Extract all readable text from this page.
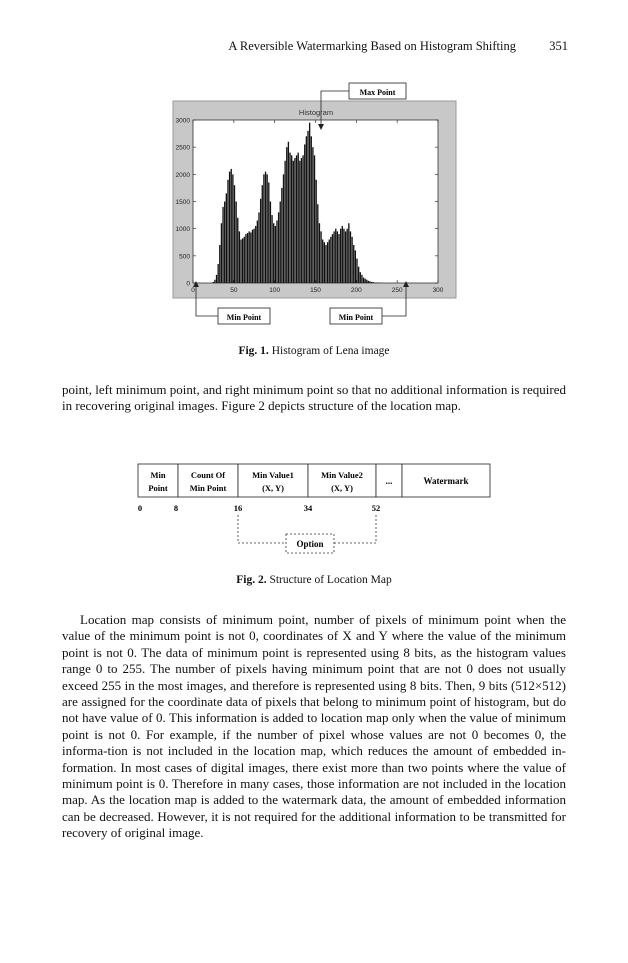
A Reversible Watermarking Based on Histogram Shifting	351
Histogram
0
500
1000
1500
2000
2500
3000
0	50	100	150	200	250	300
Max Point
Min Point	Min Point
Fig. 1. Histogram of Lena image

point, left minimum point, and right minimum point so that no additional information is required in recovering original images. Figure 2 depicts structure of the location map.

Min
Point
Count Of
Min Point
Min Value1
(X, Y)
Min Value2
(X, Y)
...	Watermark
0	8	16	34	52
Option
Fig. 2. Structure of Location Map

Location map consists of minimum point, number of pixels of minimum point when the value of the minimum point is not 0, coordinates of X and Y where the value of the minimum point is not 0. The data of minimum point is represented using 8 bits, as the histogram values range 0 to 255. The number of pixels having minimum point that are not 0 does not usually exceed 255 in the most images, and therefore is represented using 8 bits. Then, 9 bits (512×512) are assigned for the coordinate data of pixels that belong to minimum point of histogram, but do not have value of 0. This information is added to location map only when the value of minimum point is not 0. For example, if the number of pixel whose values are not 0 becomes 0, the informa-tion is not included in the location map, which reduces the amount of embedded in-formation. In most cases of digital images, there exist more than two points where the value of minimum point is 0. Therefore in many cases, those information are not included in the location map. As the location map is added to the watermark data, the amount of embedded information can be decreased. However, it is not required for the additional information to be transmitted for recovery of original image.
